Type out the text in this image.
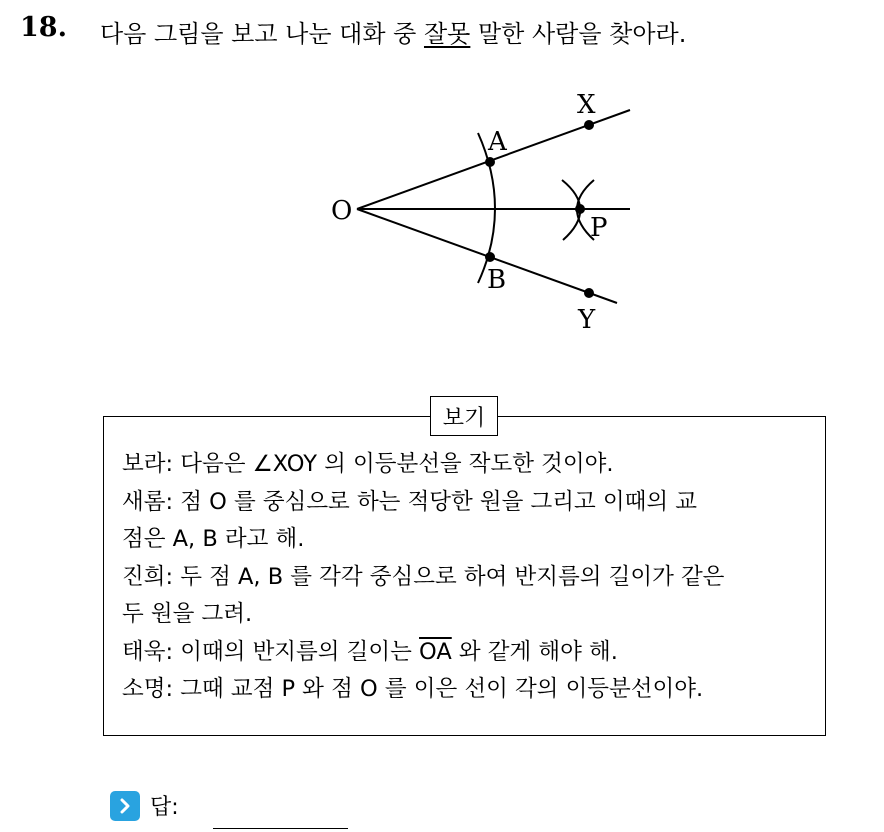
18. 다음 그림을 보고 나눈 대화 중 잘못 말한 사람을 찾아라.
O
A
B
X
Y
P
보기
보라: 다음은 ∠XOY 의 이등분선을 작도한 것이야.
새롬: 점 O 를 중심으로 하는 적당한 원을 그리고 이때의 교
점은 A, B 라고 해.
진희: 두 점 A, B 를 각각 중심으로 하여 반지름의 길이가 같은
두 원을 그려.
태욱: 이때의 반지름의 길이는 $\overline{OA}$ 와 같게 해야 해.
소명: 그때 교점 P 와 점 O 를 이은 선이 각의 이등분선이야.
답:
